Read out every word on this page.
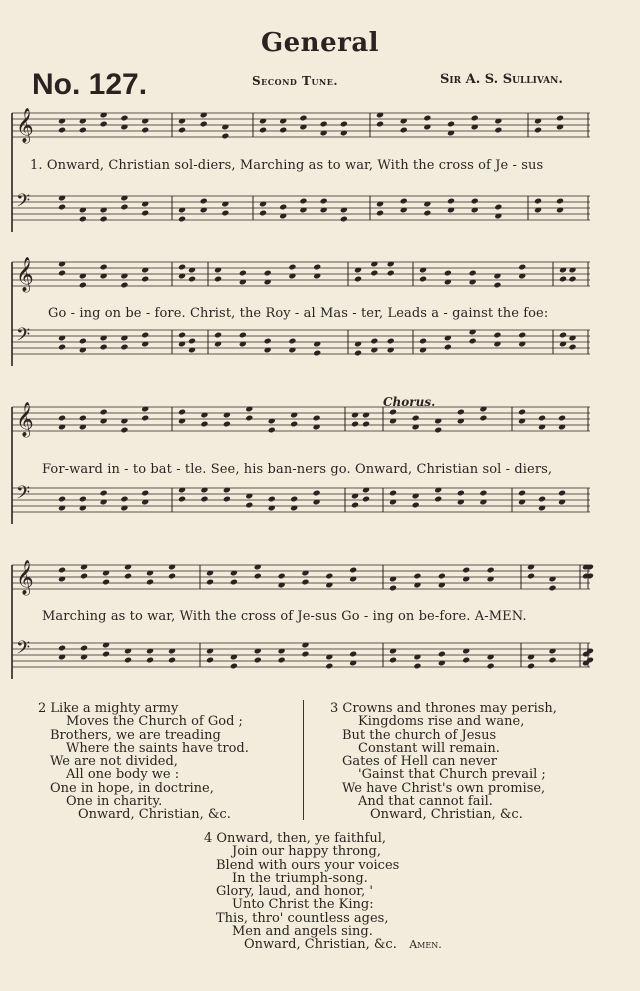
General
No. 127.	Second Tune.	Sir A. S. Sullivan.
𝄞
𝄢
𝄞
𝄢
𝄞
𝄢
𝄞
𝄢
1. Onward, Christian sol-diers, Marching as to war, With the cross of Je - sus
Go - ing on be - fore. Christ, the Roy - al Mas - ter, Leads a - gainst the foe:
Chorus.
For-ward in - to bat - tle. See, his ban-ners go. Onward, Christian sol - diers,
Marching as to war, With the cross of Je-sus Go - ing on be-fore. A-MEN.
2 Like a mighty army
Moves the Church of God ;
Brothers, we are treading
Where the saints have trod.
We are not divided,
All one body we :
One in hope, in doctrine,
One in charity.
Onward, Christian, &c.
3 Crowns and thrones may perish,
Kingdoms rise and wane,
But the church of Jesus
Constant will remain.
Gates of Hell can never
'Gainst that Church prevail ;
We have Christ's own promise,
And that cannot fail.
Onward, Christian, &c.
4 Onward, then, ye faithful,
Join our happy throng,
Blend with ours your voices
In the triumph-song.
Glory, laud, and honor, '
Unto Christ the King:
This, thro' countless ages,
Men and angels sing.
Onward, Christian, &c. Amen.
